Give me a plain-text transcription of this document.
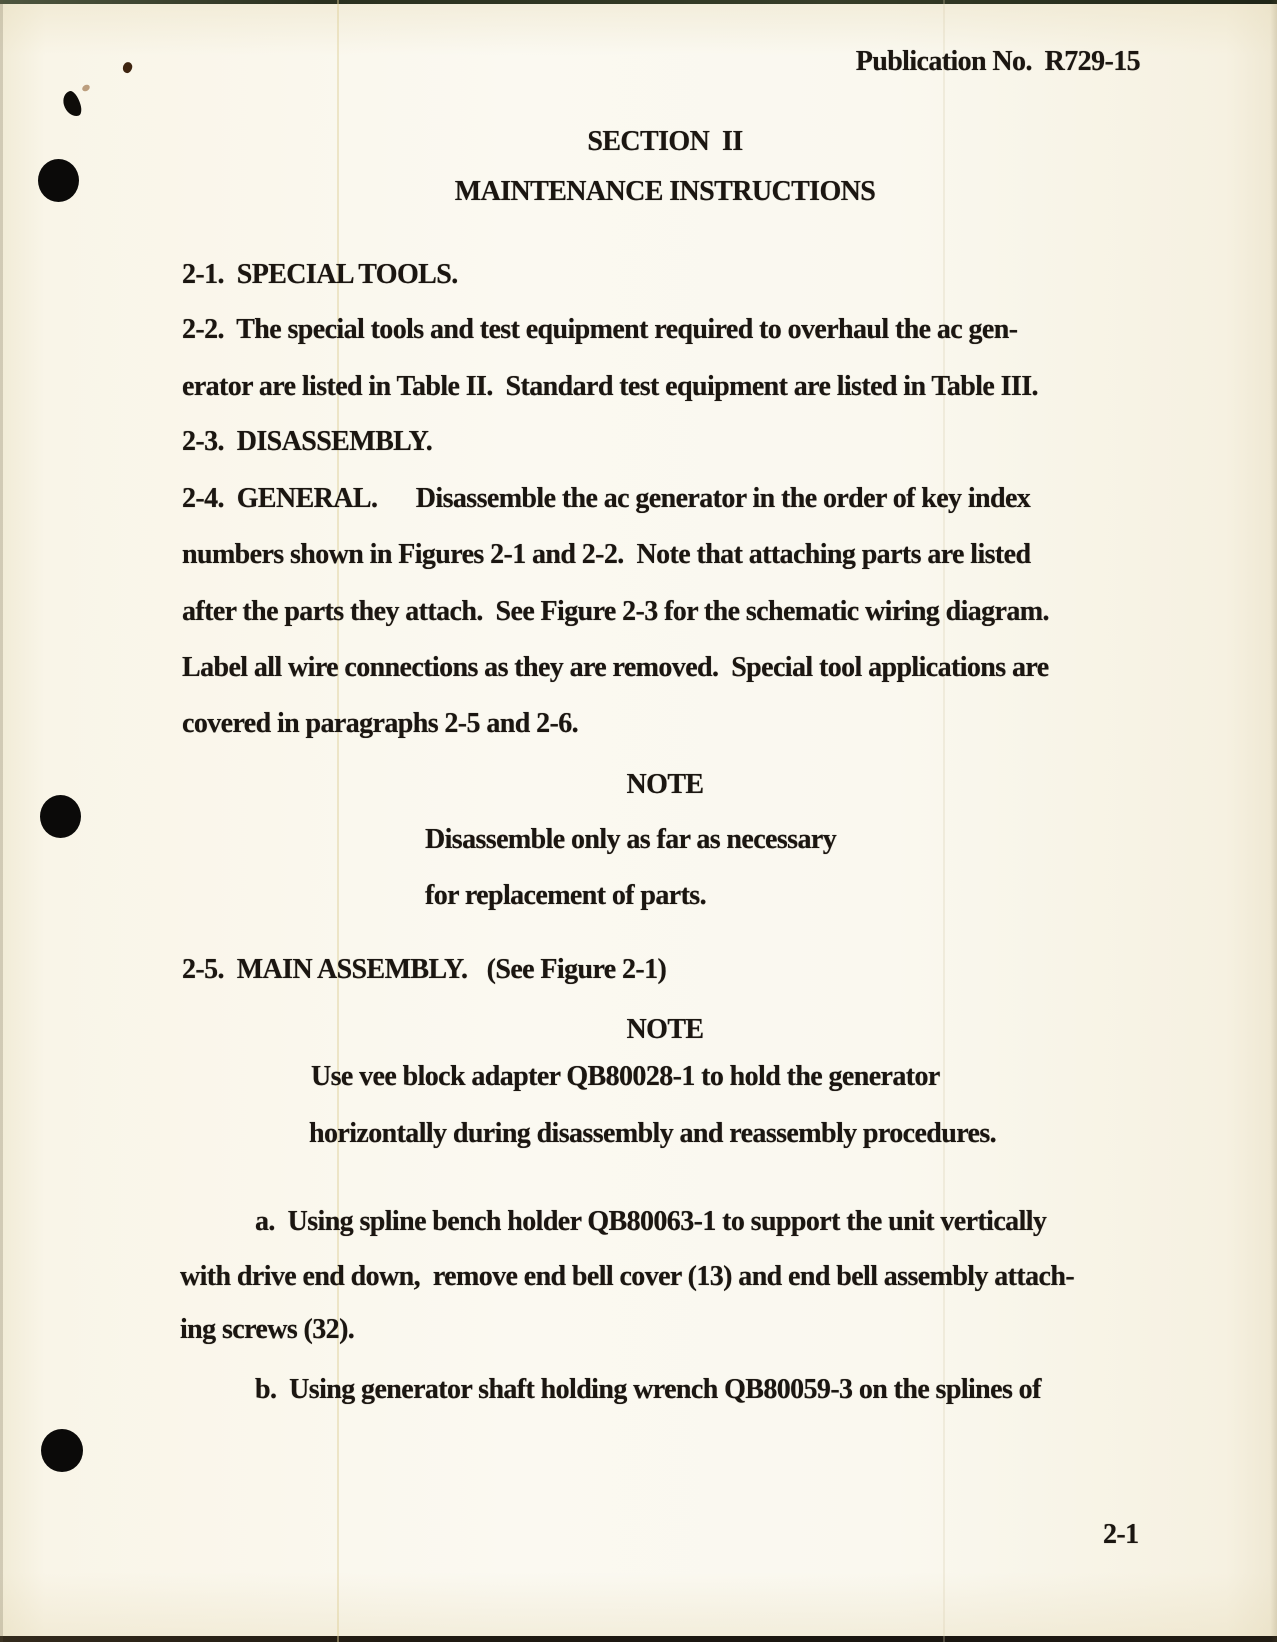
Publication No.  R729-15
SECTION  II
MAINTENANCE INSTRUCTIONS
2-1.  SPECIAL TOOLS.
2-2.  The special tools and test equipment required to overhaul the ac gen-
erator are listed in Table II.  Standard test equipment are listed in Table III.
2-3.  DISASSEMBLY.
2-4.  GENERAL.      Disassemble the ac generator in the order of key index
numbers shown in Figures 2-1 and 2-2.  Note that attaching parts are listed
after the parts they attach.  See Figure 2-3 for the schematic wiring diagram.
Label all wire connections as they are removed.  Special tool applications are
covered in paragraphs 2-5 and 2-6.
NOTE
Disassemble only as far as necessary
for replacement of parts.
2-5.  MAIN ASSEMBLY.   (See Figure 2-1)
NOTE
Use vee block adapter QB80028-1 to hold the generator
horizontally during disassembly and reassembly procedures.
a.  Using spline bench holder QB80063-1 to support the unit vertically
with drive end down,  remove end bell cover (13) and end bell assembly attach-
ing screws (32).
b.  Using generator shaft holding wrench QB80059-3 on the splines of
2-1
